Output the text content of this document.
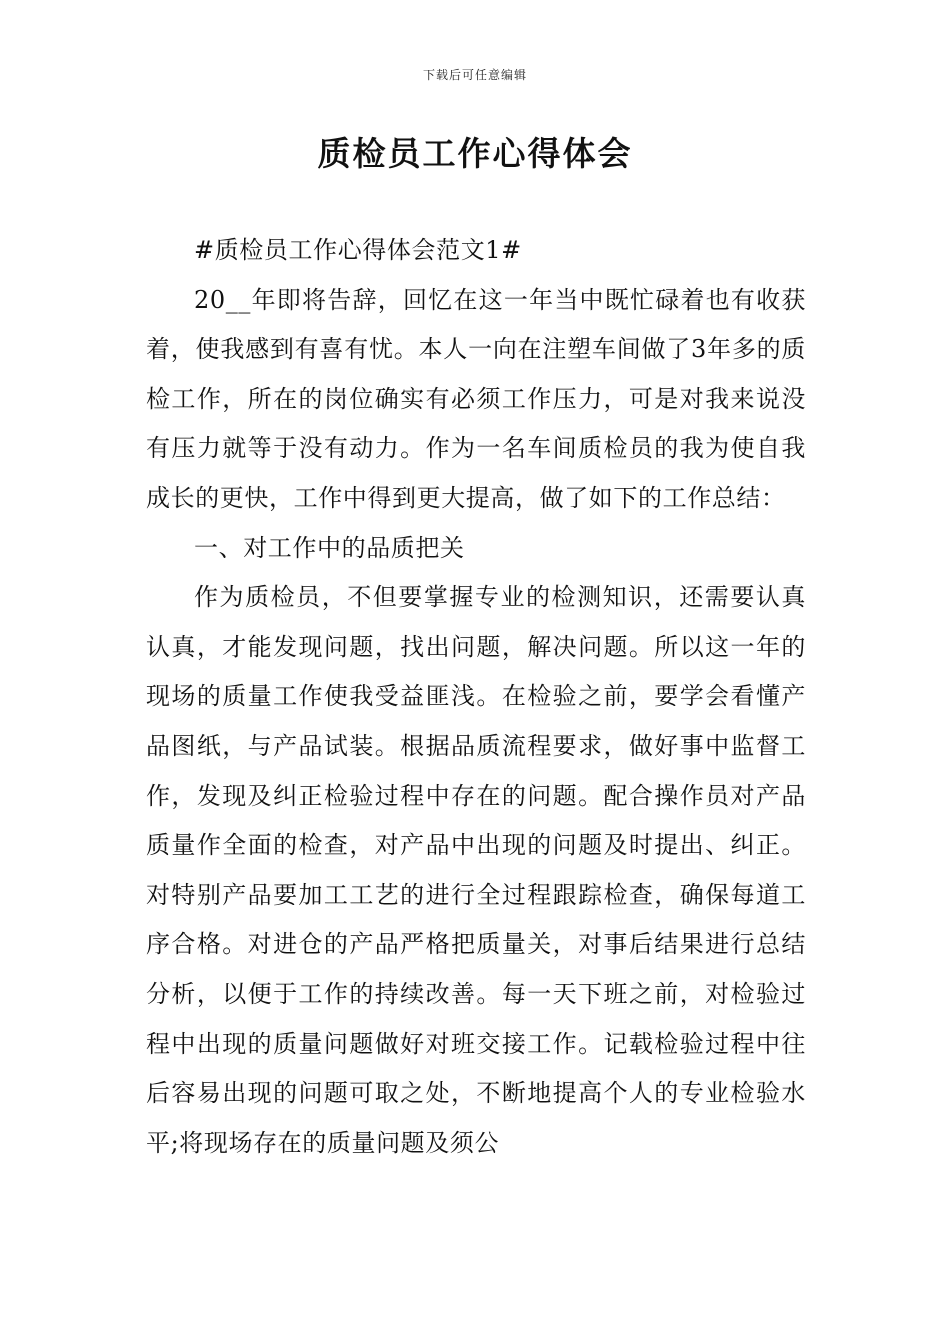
下载后可任意编辑
质检员工作心得体会

#质检员工作心得体会范文1#

20__年即将告辞，回忆在这一年当中既忙碌着也有收获着，使我感到有喜有忧。本人一向在注塑车间做了3年多的质检工作，所在的岗位确实有必须工作压力，可是对我来说没有压力就等于没有动力。作为一名车间质检员的我为使自我成长的更快，工作中得到更大提高，做了如下的工作总结：

一、对工作中的品质把关

作为质检员，不但要掌握专业的检测知识，还需要认真认真，才能发现问题，找出问题，解决问题。所以这一年的现场的质量工作使我受益匪浅。在检验之前，要学会看懂产品图纸，与产品试装。根据品质流程要求，做好事中监督工作，发现及纠正检验过程中存在的问题。配合操作员对产品质量作全面的检查，对产品中出现的问题及时提出、纠正。对特别产品要加工工艺的进行全过程跟踪检查，确保每道工序合格。对进仓的产品严格把质量关，对事后结果进行总结分析，以便于工作的持续改善。每一天下班之前，对检验过程中出现的质量问题做好对班交接工作。记载检验过程中往后容易出现的问题可取之处，不断地提高个人的专业检验水平;将现场存在的质量问题及须公
